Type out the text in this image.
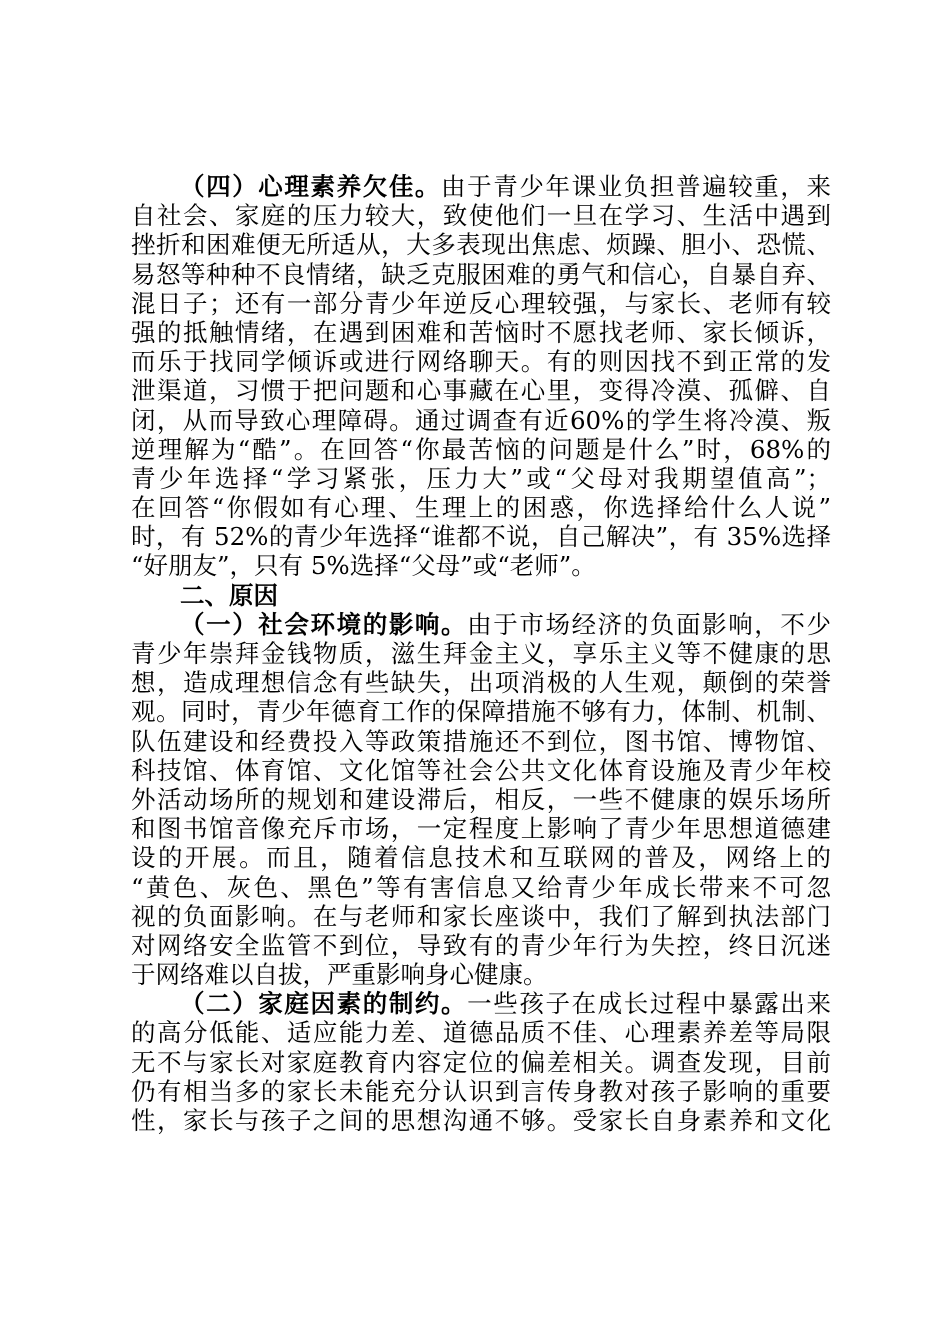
（四）心理素养欠佳。由于青少年课业负担普遍较重，来
自社会、家庭的压力较大，致使他们一旦在学习、生活中遇到
挫折和困难便无所适从，大多表现出焦虑、烦躁、胆小、恐慌、
易怒等种种不良情绪，缺乏克服困难的勇气和信心，自暴自弃、
混日子；还有一部分青少年逆反心理较强，与家长、老师有较
强的抵触情绪，在遇到困难和苦恼时不愿找老师、家长倾诉，
而乐于找同学倾诉或进行网络聊天。有的则因找不到正常的发
泄渠道，习惯于把问题和心事藏在心里，变得冷漠、孤僻、自
闭，从而导致心理障碍。通过调查有近60%的学生将冷漠、叛
逆理解为“酷”。在回答“你最苦恼的问题是什么”时，68%的
青少年选择“学习紧张，压力大”或“父母对我期望值高”；
在回答“你假如有心理、生理上的困惑，你选择给什么人说”
时，有 52%的青少年选择“谁都不说，自己解决”，有 35%选择
“好朋友”，只有 5%选择“父母”或“老师”。
二、原因
（一）社会环境的影响。由于市场经济的负面影响，不少
青少年崇拜金钱物质，滋生拜金主义，享乐主义等不健康的思
想，造成理想信念有些缺失，出项消极的人生观，颠倒的荣誉
观。同时，青少年德育工作的保障措施不够有力，体制、机制、
队伍建设和经费投入等政策措施还不到位，图书馆、博物馆、
科技馆、体育馆、文化馆等社会公共文化体育设施及青少年校
外活动场所的规划和建设滞后，相反，一些不健康的娱乐场所
和图书馆音像充斥市场，一定程度上影响了青少年思想道德建
设的开展。而且，随着信息技术和互联网的普及，网络上的
“黄色、灰色、黑色”等有害信息又给青少年成长带来不可忽
视的负面影响。在与老师和家长座谈中，我们了解到执法部门
对网络安全监管不到位，导致有的青少年行为失控，终日沉迷
于网络难以自拔，严重影响身心健康。
（二）家庭因素的制约。一些孩子在成长过程中暴露出来
的高分低能、适应能力差、道德品质不佳、心理素养差等局限
无不与家长对家庭教育内容定位的偏差相关。调查发现，目前
仍有相当多的家长未能充分认识到言传身教对孩子影响的重要
性，家长与孩子之间的思想沟通不够。受家长自身素养和文化
